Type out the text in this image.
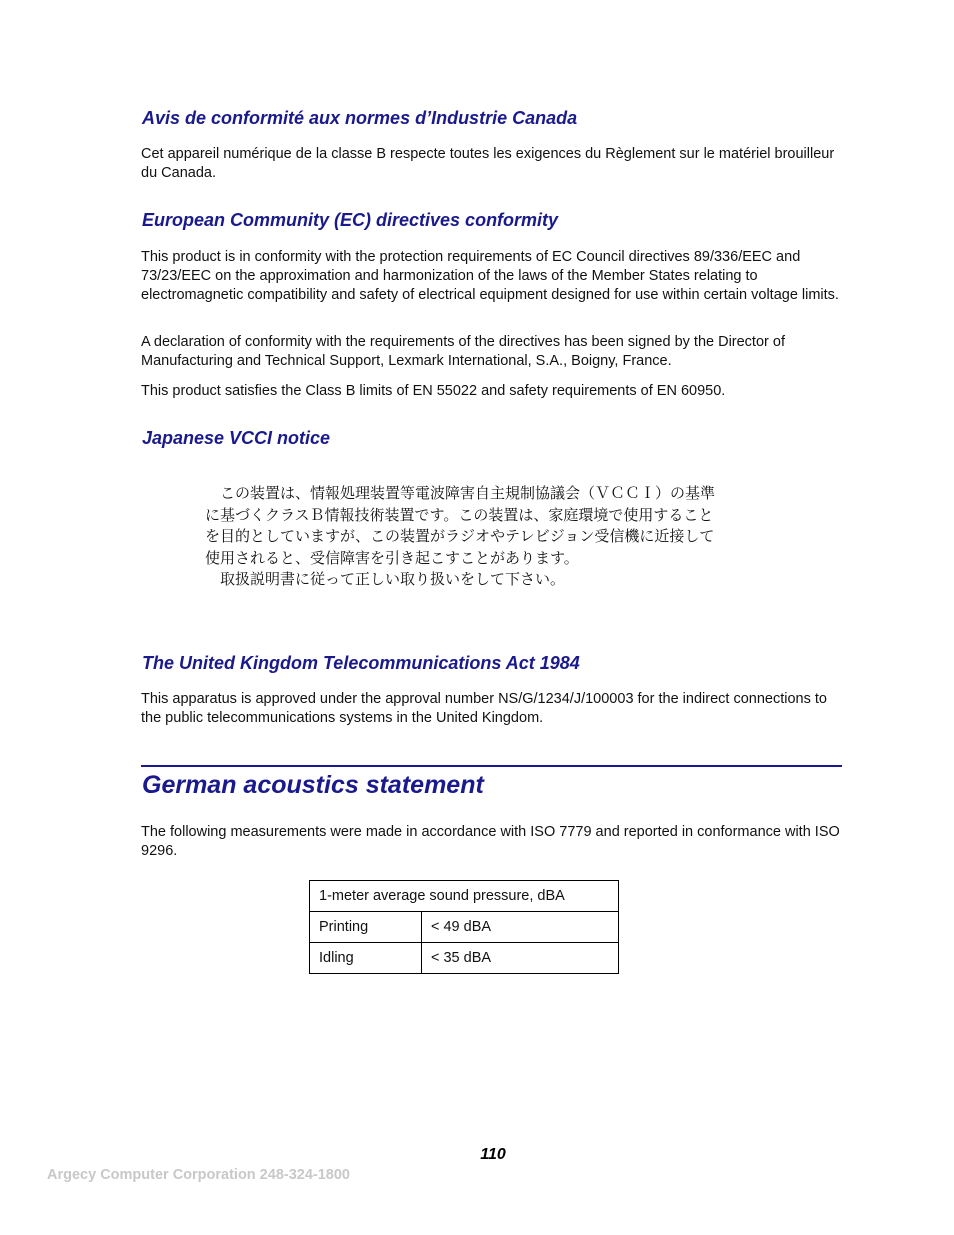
Avis de conformité aux normes d’Industrie Canada

Cet appareil numérique de la classe B respecte toutes les exigences du Règlement sur le matériel brouilleur du Canada.

European Community (EC) directives conformity

This product is in conformity with the protection requirements of EC Council directives 89/336/EEC and 73/23/EEC on the approximation and harmonization of the laws of the Member States relating to electromagnetic compatibility and safety of electrical equipment designed for use within certain voltage limits.

A declaration of conformity with the requirements of the directives has been signed by the Director of Manufacturing and Technical Support, Lexmark International, S.A., Boigny, France.

This product satisfies the Class B limits of EN 55022 and safety requirements of EN 60950.

Japanese VCCI notice
　この装置は、情報処理装置等電波障害自主規制協議会（ＶＣＣＩ）の基準
に基づくクラスＢ情報技術装置です。この装置は、家庭環境で使用すること
を目的としていますが、この装置がラジオやテレビジョン受信機に近接して
使用されると、受信障害を引き起こすことがあります。
　取扱説明書に従って正しい取り扱いをして下さい。
The United Kingdom Telecommunications Act 1984

This apparatus is approved under the approval number NS/G/1234/J/100003 for the indirect connections to the public telecommunications systems in the United Kingdom.

German acoustics statement

The following measurements were made in accordance with ISO 7779 and reported in conformance with ISO 9296.

1-meter average sound pressure, dBA	
Printing	< 49 dBA
Idling	< 35 dBA
110
Argecy Computer Corporation 248-324-1800
